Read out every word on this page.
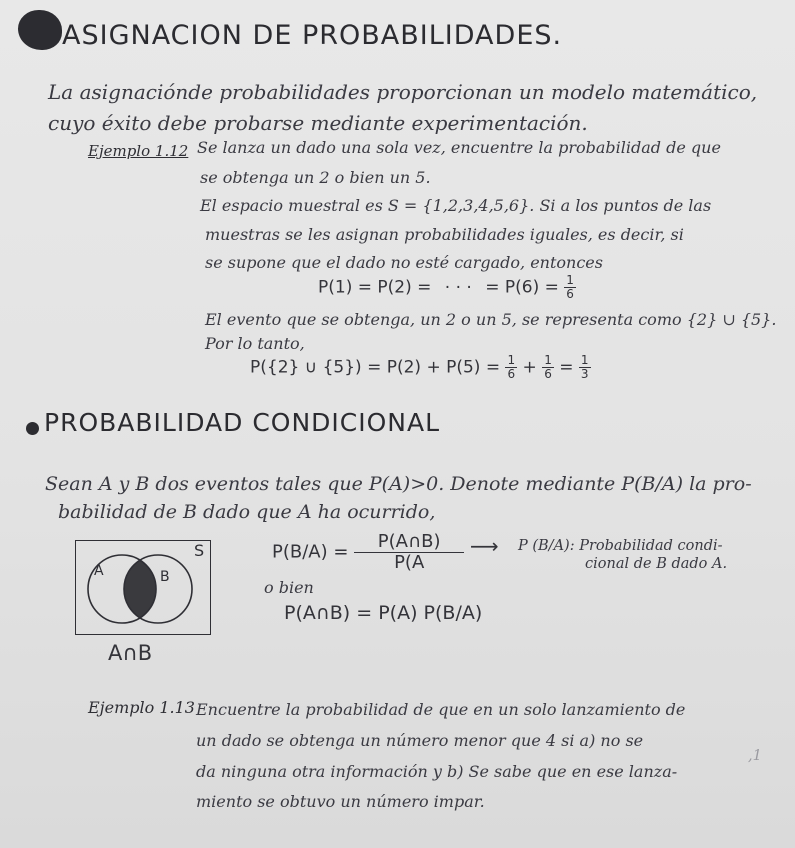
ASIGNACION DE PROBABILIDADES.
La asignaciónde probabilidades proporcionan un modelo matemático,
cuyo éxito debe probarse mediante experimentación.
Ejemplo 1.12 Se lanza un dado una sola vez, encuentre la probabilidad de que
se obtenga un 2 o bien un 5.
El espacio muestral es S = {1,2,3,4,5,6}. Si a los puntos de las
muestras se les asignan probabilidades iguales, es decir, si
se supone que el dado no esté cargado, entonces
P(1) = P(2) = · · · = $P(6) = \frac{1}{6}$
El evento que se obtenga, un 2 o un 5, se representa como {2} ∪ {5}.
Por lo tanto,
P({2} ∪ $\{5\}) = P(2) + P(5) = \frac{1}{6} + \frac{1}{6} = \frac{1}{3}$
PROBABILIDAD CONDICIONAL
Sean A y B dos eventos tales que P(A)>0. Denote mediante P(B/A) la pro-
babilidad de B dado que A ha ocurrido,
S
A	B
A∩B
$P(B/A) = \frac{P(A\cap B)}{P(A}$ ⟶ P (B/A): Probabilidad condi-
cional de B dado A.
o bien
P(A∩B) = P(A) P(B/A)
Ejemplo 1.13 Encuentre la probabilidad de que en un solo lanzamiento de
un dado se obtenga un número menor que 4 si a) no se
da ninguna otra información y b) Se sabe que en ese lanza-
miento se obtuvo un número impar.
,1
